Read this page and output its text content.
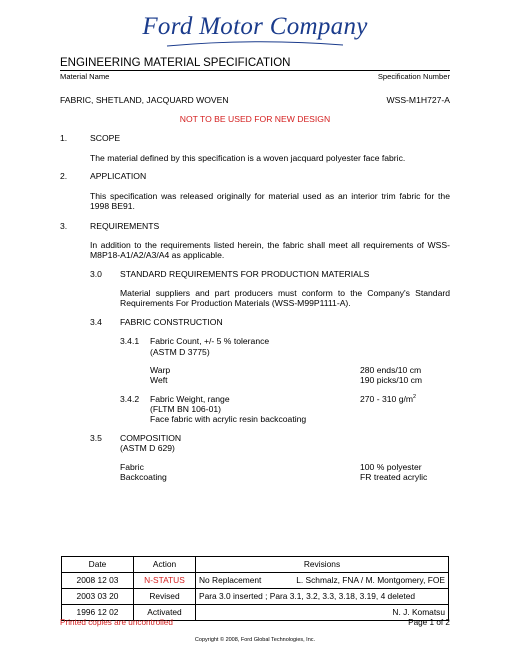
Ford Motor Company
ENGINEERING MATERIAL SPECIFICATION
Material Name	Specification Number
FABRIC, SHETLAND, JACQUARD WOVEN	WSS-M1H727-A
NOT TO BE USED FOR NEW DESIGN
1.	SCOPE
The material defined by this specification is a woven jacquard polyester face fabric.
2.	APPLICATION
This specification was released originally for material used as an interior trim fabric for the 1998 BE91.
3.	REQUIREMENTS
In addition to the requirements listed herein, the fabric shall meet all requirements of WSS-M8P18-A1/A2/A3/A4 as applicable.
3.0 STANDARD REQUIREMENTS FOR PRODUCTION MATERIALS
Material suppliers and part producers must conform to the Company's Standard Requirements For Production Materials (WSS-M99P1111-A).
3.4 FABRIC CONSTRUCTION
3.4.1 Fabric Count, +/- 5 % tolerance
(ASTM D 3775)
Warp	280 ends/10 cm
Weft	190 picks/10 cm
3.4.2 Fabric Weight, range
(FLTM BN 106-01)
Face fabric with acrylic resin backcoating
270 - 310 $g/m^2$
3.5 COMPOSITION
(ASTM D 629)
Fabric	100 % polyester
Backcoating	FR treated acrylic
Date	Action	Revisions
2008 12 03	N-STATUS	No Replacement L. Schmalz, FNA / M. Montgomery, FOE

2003 03 20	Revised	Para 3.0 inserted ; Para 3.1, 3.2, 3.3, 3.18, 3.19, 4 deleted
1996 12 02	Activated	N. J. Komatsu
Printed copies are uncontrolled	Page 1 of 2
Copyright © 2008, Ford Global Technologies, Inc.
